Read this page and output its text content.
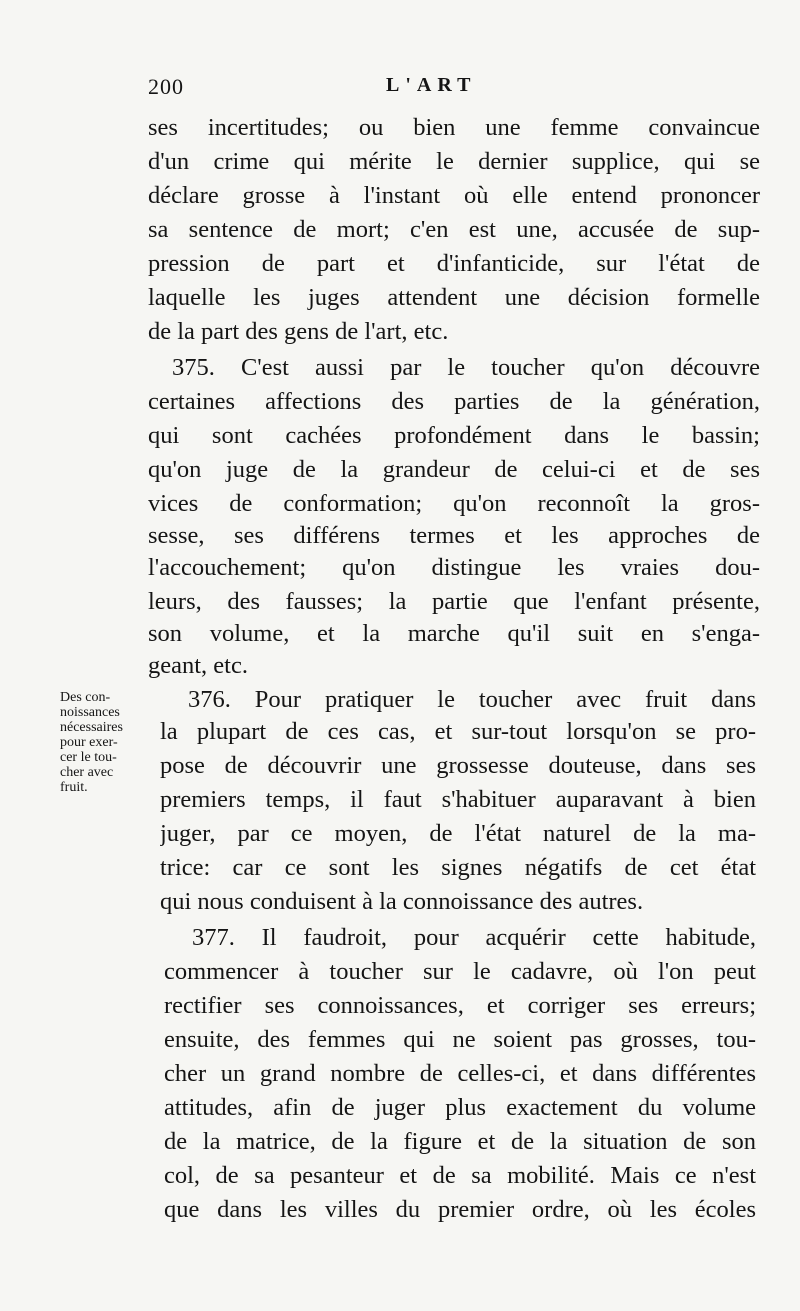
200	L'ART
Des con-
noissances
nécessaires
pour exer-
cer le tou-
cher avec
fruit.
ses incertitudes; ou bien une femme convaincue
d'un crime qui mérite le dernier supplice, qui se
déclare grosse à l'instant où elle entend prononcer
sa sentence de mort; c'en est une, accusée de sup-
pression de part et d'infanticide, sur l'état de
laquelle les juges attendent une décision formelle
de la part des gens de l'art, etc.
375. C'est aussi par le toucher qu'on découvre
certaines affections des parties de la génération,
qui sont cachées profondément dans le bassin;
qu'on juge de la grandeur de celui-ci et de ses
vices de conformation; qu'on reconnoît la gros-
sesse, ses différens termes et les approches de
l'accouchement; qu'on distingue les vraies dou-
leurs, des fausses; la partie que l'enfant présente,
son volume, et la marche qu'il suit en s'enga-
geant, etc.
376. Pour pratiquer le toucher avec fruit dans
la plupart de ces cas, et sur-tout lorsqu'on se pro-
pose de découvrir une grossesse douteuse, dans ses
premiers temps, il faut s'habituer auparavant à bien
juger, par ce moyen, de l'état naturel de la ma-
trice: car ce sont les signes négatifs de cet état
qui nous conduisent à la connoissance des autres.
377. Il faudroit, pour acquérir cette habitude,
commencer à toucher sur le cadavre, où l'on peut
rectifier ses connoissances, et corriger ses erreurs;
ensuite, des femmes qui ne soient pas grosses, tou-
cher un grand nombre de celles-ci, et dans différentes
attitudes, afin de juger plus exactement du volume
de la matrice, de la figure et de la situation de son
col, de sa pesanteur et de sa mobilité. Mais ce n'est
que dans les villes du premier ordre, où les écoles
